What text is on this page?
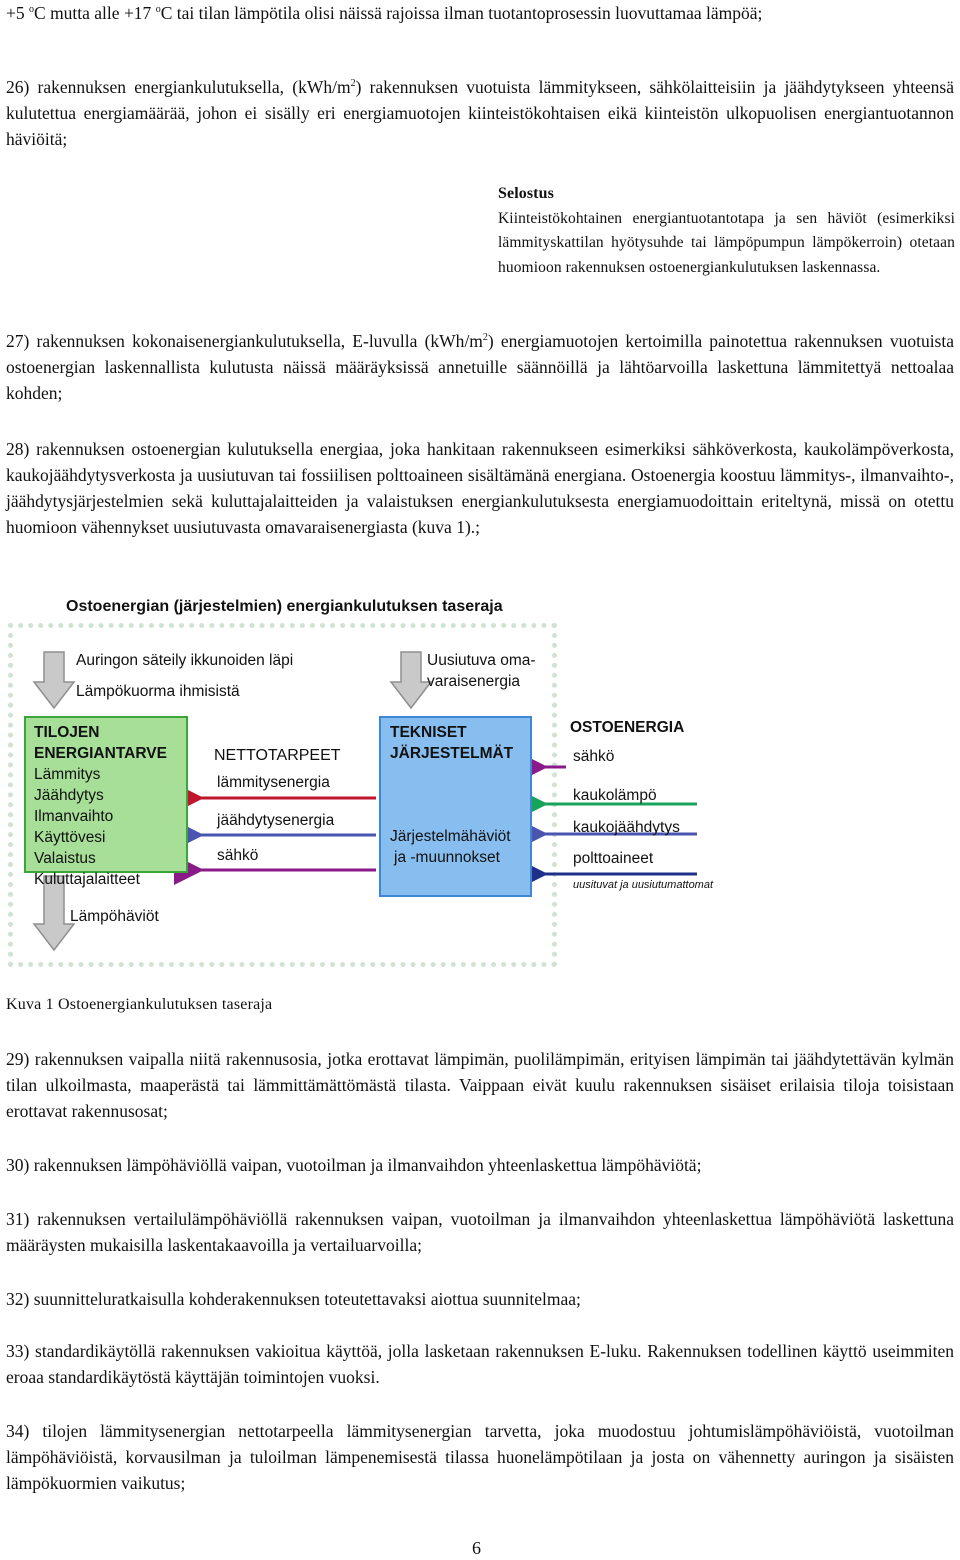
+5 $^o$C mutta alle +17 $^o$C tai tilan lämpötila olisi näissä rajoissa ilman tuotantoprosessin luovuttamaa lämpöä;

26) rakennuksen energiankulutuksella, $(kWh/m^2)$ rakennuksen vuotuista lämmitykseen, sähkölaitteisiin ja jäähdytykseen yhteensä kulutettua energiamäärää, johon ei sisälly eri energiamuotojen kiinteistökohtaisen eikä kiinteistön ulkopuolisen energiantuotannon häviöitä;

Selostus
Kiinteistökohtainen energiantuotantotapa ja sen häviöt (esimerkiksi lämmityskattilan hyötysuhde tai lämpöpumpun lämpökerroin) otetaan huomioon rakennuksen ostoenergiankulutuksen laskennassa.

27) rakennuksen kokonaisenergiankulutuksella, E-luvulla $(kWh/m^2)$ energiamuotojen kertoimilla painotettua rakennuksen vuotuista ostoenergian laskennallista kulutusta näissä määräyksissä annetuille säännöillä ja lähtöarvoilla laskettuna lämmitettyä nettoalaa kohden;

28) rakennuksen ostoenergian kulutuksella energiaa, joka hankitaan rakennukseen esimerkiksi sähköverkosta, kaukolämpöverkosta, kaukojäähdytysverkosta ja uusiutuvan tai fossiilisen polttoaineen sisältämänä energiana. Ostoenergia koostuu lämmitys-, ilmanvaihto-, jäähdytysjärjestelmien sekä kuluttajalaitteiden ja valaistuksen energiankulutuksesta energiamuodoittain eriteltynä, missä on otettu huomioon vähennykset uusiutuvasta omavaraisenergiasta (kuva 1).;

Ostoenergian (järjestelmien) energiankulutuksen taseraja
Auringon säteily ikkunoiden läpi
Lämpökuorma ihmisistä
Uusiutuva oma-
varaisenergia
TILOJEN
ENERGIANTARVE
Lämmitys
Jäähdytys
Ilmanvaihto
Käyttövesi
Valaistus
Kuluttajalaitteet
NETTOTARPEET
lämmitysenergia
jäähdytysenergia
sähkö
TEKNISET
JÄRJESTELMÄT
Järjestelmähäviöt
ja -muunnokset
OSTOENERGIA
sähkö
kaukolämpö
kaukojäähdytys
polttoaineet
uusituvat ja uusiutumattomat
Lämpöhäviöt
Kuva 1 Ostoenergiankulutuksen taseraja

29) rakennuksen vaipalla niitä rakennusosia, jotka erottavat lämpimän, puolilämpimän, erityisen lämpimän tai jäähdytettävän kylmän tilan ulkoilmasta, maaperästä tai lämmittämättömästä tilasta. Vaippaan eivät kuulu rakennuksen sisäiset erilaisia tiloja toisistaan erottavat rakennusosat;

30) rakennuksen lämpöhäviöllä vaipan, vuotoilman ja ilmanvaihdon yhteenlaskettua lämpöhäviötä;

31) rakennuksen vertailulämpöhäviöllä rakennuksen vaipan, vuotoilman ja ilmanvaihdon yhteenlaskettua lämpöhäviötä laskettuna määräysten mukaisilla laskentakaavoilla ja vertailuarvoilla;

32) suunnitteluratkaisulla kohderakennuksen toteutettavaksi aiottua suunnitelmaa;

33) standardikäytöllä rakennuksen vakioitua käyttöä, jolla lasketaan rakennuksen E-luku. Rakennuksen todellinen käyttö useimmiten eroaa standardikäytöstä käyttäjän toimintojen vuoksi.

34) tilojen lämmitysenergian nettotarpeella lämmitysenergian tarvetta, joka muodostuu johtumislämpöhäviöistä, vuotoilman lämpöhäviöistä, korvausilman ja tuloilman lämpenemisestä tilassa huonelämpötilaan ja josta on vähennetty auringon ja sisäisten lämpökuormien vaikutus;

6
